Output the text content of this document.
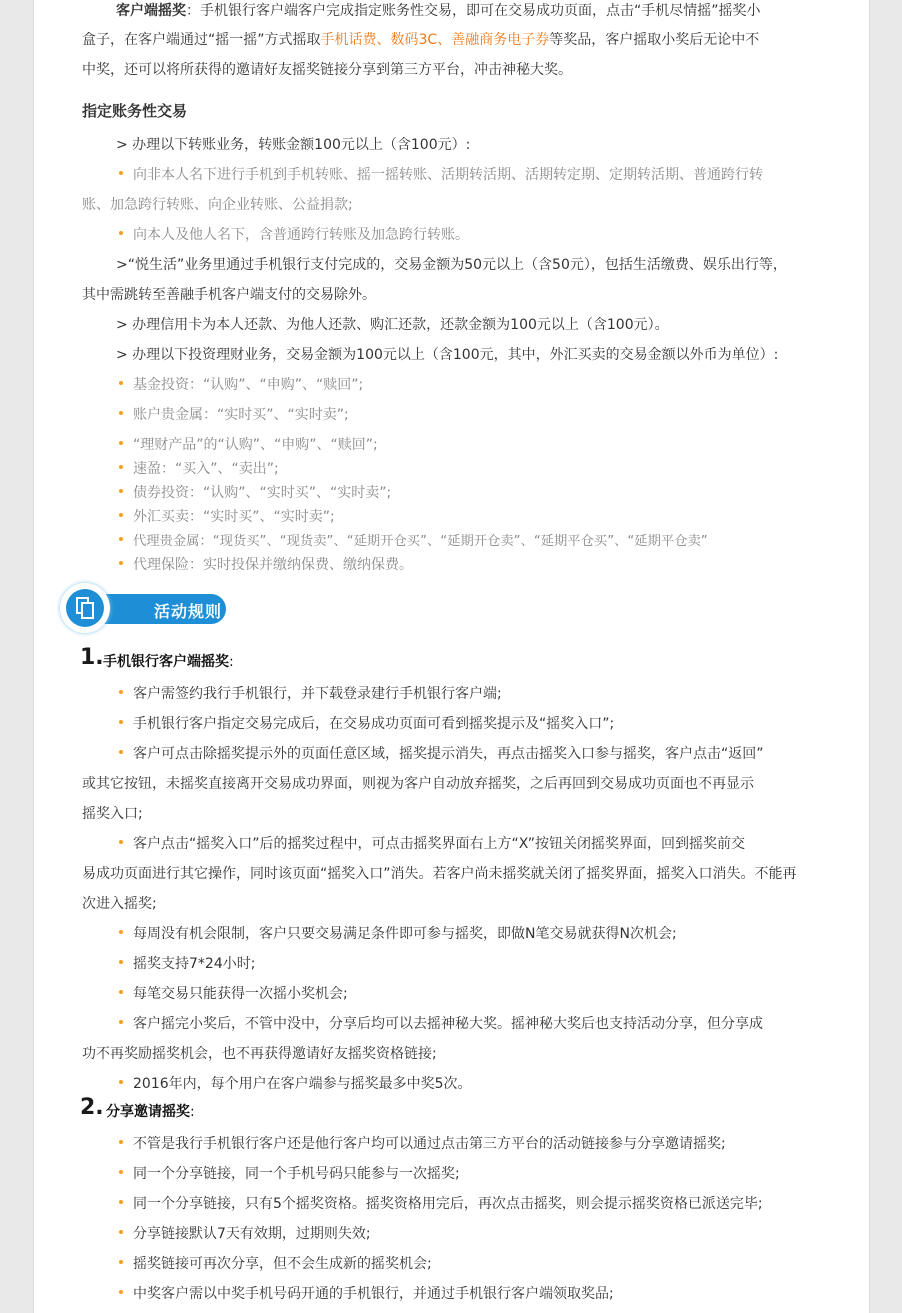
客户端摇奖：手机银行客户端客户完成指定账务性交易，即可在交易成功页面，点击“手机尽情摇”摇奖小
盒子，在客户端通过“摇一摇”方式摇取手机话费、数码3C、善融商务电子券等奖品，客户摇取小奖后无论中不
中奖，还可以将所获得的邀请好友摇奖链接分享到第三方平台，冲击神秘大奖。
指定账务性交易
> 办理以下转账业务，转账金额100元以上（含100元）:
向非本人名下进行手机到手机转账、摇一摇转账、活期转活期、活期转定期、定期转活期、普通跨行转
账、加急跨行转账、向企业转账、公益捐款;
向本人及他人名下，含普通跨行转账及加急跨行转账。
>“悦生活”业务里通过手机银行支付完成的，交易金额为50元以上（含50元），包括生活缴费、娱乐出行等，
其中需跳转至善融手机客户端支付的交易除外。
> 办理信用卡为本人还款、为他人还款、购汇还款，还款金额为100元以上（含100元）。
> 办理以下投资理财业务，交易金额为100元以上（含100元，其中，外汇买卖的交易金额以外币为单位）:
基金投资：“认购”、“申购”、“赎回”;
账户贵金属：“实时买”、“实时卖”;
“理财产品”的“认购”、“申购”、“赎回”;
速盈：“买入”、“卖出”;
债券投资：“认购”、“实时买”、“实时卖”;
外汇买卖：“实时买”、“实时卖”;
代理贵金属：“现货买”、“现货卖”、“延期开仓买”、“延期开仓卖”、“延期平仓买”、“延期平仓卖”
代理保险：实时投保并缴纳保费、缴纳保费。
活动规则
1. 手机银行客户端摇奖:
客户需签约我行手机银行，并下载登录建行手机银行客户端;
手机银行客户指定交易完成后，在交易成功页面可看到摇奖提示及“摇奖入口”;
客户可点击除摇奖提示外的页面任意区域，摇奖提示消失，再点击摇奖入口参与摇奖，客户点击“返回”
或其它按钮，未摇奖直接离开交易成功界面，则视为客户自动放弃摇奖，之后再回到交易成功页面也不再显示
摇奖入口;
客户点击“摇奖入口”后的摇奖过程中，可点击摇奖界面右上方“X”按钮关闭摇奖界面，回到摇奖前交
易成功页面进行其它操作，同时该页面“摇奖入口”消失。若客户尚未摇奖就关闭了摇奖界面，摇奖入口消失。不能再
次进入摇奖;
每周没有机会限制，客户只要交易满足条件即可参与摇奖，即做N笔交易就获得N次机会;
摇奖支持7*24小时;
每笔交易只能获得一次摇小奖机会;
客户摇完小奖后，不管中没中，分享后均可以去摇神秘大奖。摇神秘大奖后也支持活动分享，但分享成
功不再奖励摇奖机会，也不再获得邀请好友摇奖资格链接;
2016年内，每个用户在客户端参与摇奖最多中奖5次。
2. 分享邀请摇奖:
不管是我行手机银行客户还是他行客户均可以通过点击第三方平台的活动链接参与分享邀请摇奖;
同一个分享链接，同一个手机号码只能参与一次摇奖;
同一个分享链接，只有5个摇奖资格。摇奖资格用完后，再次点击摇奖，则会提示摇奖资格已派送完毕;
分享链接默认7天有效期，过期则失效;
摇奖链接可再次分享，但不会生成新的摇奖机会;
中奖客户需以中奖手机号码开通的手机银行，并通过手机银行客户端领取奖品;
